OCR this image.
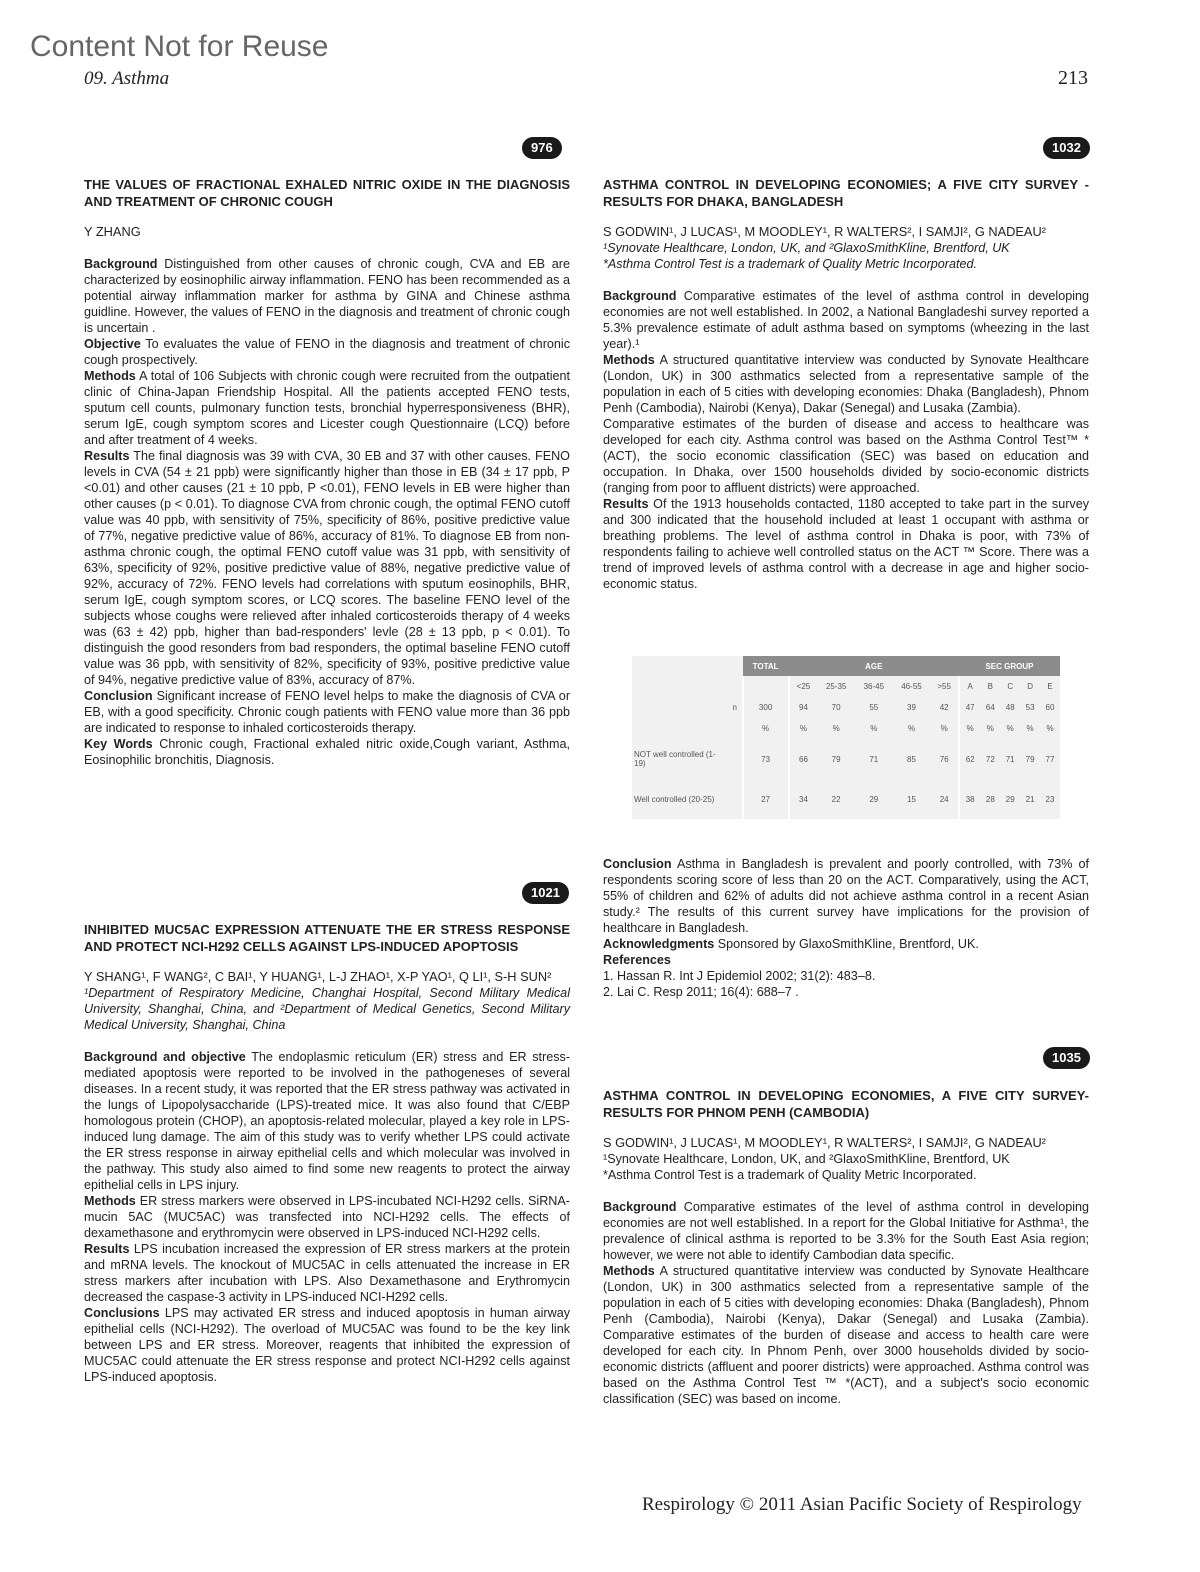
Content Not for Reuse
09. Asthma	213
976
THE VALUES OF FRACTIONAL EXHALED NITRIC OXIDE IN THE DIAGNOSIS AND TREATMENT OF CHRONIC COUGH
Y ZHANG

Background Distinguished from other causes of chronic cough, CVA and EB are characterized by eosinophilic airway inflammation. FENO has been recommended as a potential airway inflammation marker for asthma by GINA and Chinese asthma guidline. However, the values of FENO in the diagnosis and treatment of chronic cough is uncertain .

Objective To evaluates the value of FENO in the diagnosis and treatment of chronic cough prospectively.

Methods A total of 106 Subjects with chronic cough were recruited from the outpatient clinic of China-Japan Friendship Hospital. All the patients accepted FENO tests, sputum cell counts, pulmonary function tests, bronchial hyperresponsiveness (BHR), serum IgE, cough symptom scores and Licester cough Questionnaire (LCQ) before and after treatment of 4 weeks.

Results The final diagnosis was 39 with CVA, 30 EB and 37 with other causes. FENO levels in CVA (54 ± 21 ppb) were significantly higher than those in EB (34 ± 17 ppb, P <0.01) and other causes (21 ± 10 ppb, P <0.01), FENO levels in EB were higher than other causes (p < 0.01). To diagnose CVA from chronic cough, the optimal FENO cutoff value was 40 ppb, with sensitivity of 75%, specificity of 86%, positive predictive value of 77%, negative predictive value of 86%, accuracy of 81%. To diagnose EB from non-asthma chronic cough, the optimal FENO cutoff value was 31 ppb, with sensitivity of 63%, specificity of 92%, positive predictive value of 88%, negative predictive value of 92%, accuracy of 72%. FENO levels had correlations with sputum eosinophils, BHR, serum IgE, cough symptom scores, or LCQ scores. The baseline FENO level of the subjects whose coughs were relieved after inhaled corticosteroids therapy of 4 weeks was (63 ± 42) ppb, higher than bad-responders' levle (28 ± 13 ppb, p < 0.01). To distinguish the good resonders from bad responders, the optimal baseline FENO cutoff value was 36 ppb, with sensitivity of 82%, specificity of 93%, positive predictive value of 94%, negative predictive value of 83%, accuracy of 87%.

Conclusion Significant increase of FENO level helps to make the diagnosis of CVA or EB, with a good specificity. Chronic cough patients with FENO value more than 36 ppb are indicated to response to inhaled corticosteroids therapy.

Key Words Chronic cough, Fractional exhaled nitric oxide,Cough variant, Asthma, Eosinophilic bronchitis, Diagnosis.

1021
INHIBITED MUC5AC EXPRESSION ATTENUATE THE ER STRESS RESPONSE AND PROTECT NCI-H292 CELLS AGAINST LPS-INDUCED APOPTOSIS
Y SHANG¹, F WANG², C BAI¹, Y HUANG¹, L-J ZHAO¹, X-P YAO¹, Q LI¹, S-H SUN²
¹Department of Respiratory Medicine, Changhai Hospital, Second Military Medical University, Shanghai, China, and ²Department of Medical Genetics, Second Military Medical University, Shanghai, China

Background and objective The endoplasmic reticulum (ER) stress and ER stress-mediated apoptosis were reported to be involved in the pathogeneses of several diseases. In a recent study, it was reported that the ER stress pathway was activated in the lungs of Lipopolysaccharide (LPS)-treated mice. It was also found that C/EBP homologous protein (CHOP), an apoptosis-related molecular, played a key role in LPS-induced lung damage. The aim of this study was to verify whether LPS could activate the ER stress response in airway epithelial cells and which molecular was involved in the pathway. This study also aimed to find some new reagents to protect the airway epithelial cells in LPS injury.

Methods ER stress markers were observed in LPS-incubated NCI-H292 cells. SiRNA-mucin 5AC (MUC5AC) was transfected into NCI-H292 cells. The effects of dexamethasone and erythromycin were observed in LPS-induced NCI-H292 cells.

Results LPS incubation increased the expression of ER stress markers at the protein and mRNA levels. The knockout of MUC5AC in cells attenuated the increase in ER stress markers after incubation with LPS. Also Dexamethasone and Erythromycin decreased the caspase-3 activity in LPS-induced NCI-H292 cells.

Conclusions LPS may activated ER stress and induced apoptosis in human airway epithelial cells (NCI-H292). The overload of MUC5AC was found to be the key link between LPS and ER stress. Moreover, reagents that inhibited the expression of MUC5AC could attenuate the ER stress response and protect NCI-H292 cells against LPS-induced apoptosis.

1032
ASTHMA CONTROL IN DEVELOPING ECONOMIES; A FIVE CITY SURVEY -RESULTS FOR DHAKA, BANGLADESH
S GODWIN¹, J LUCAS¹, M MOODLEY¹, R WALTERS², I SAMJI², G NADEAU²
¹Synovate Healthcare, London, UK, and ²GlaxoSmithKline, Brentford, UK
*Asthma Control Test is a trademark of Quality Metric Incorporated.

Background Comparative estimates of the level of asthma control in developing economies are not well established. In 2002, a National Bangladeshi survey reported a 5.3% prevalence estimate of adult asthma based on symptoms (wheezing in the last year).¹

Methods A structured quantitative interview was conducted by Synovate Healthcare (London, UK) in 300 asthmatics selected from a representative sample of the population in each of 5 cities with developing economies: Dhaka (Bangladesh), Phnom Penh (Cambodia), Nairobi (Kenya), Dakar (Senegal) and Lusaka (Zambia).

Comparative estimates of the burden of disease and access to healthcare was developed for each city. Asthma control was based on the Asthma Control Test™ *(ACT), the socio economic classification (SEC) was based on education and occupation. In Dhaka, over 1500 households divided by socio-economic districts (ranging from poor to affluent districts) were approached.

Results Of the 1913 households contacted, 1180 accepted to take part in the survey and 300 indicated that the household included at least 1 occupant with asthma or breathing problems. The level of asthma control in Dhaka is poor, with 73% of respondents failing to achieve well controlled status on the ACT ™ Score. There was a trend of improved levels of asthma control with a decrease in age and higher socio-economic status.

		TOTAL	AGE					SEC GROUP				
			<25	25-35	36-45	46-55	>55	A	B	C	D	E
	n	300	94	70	55	39	42	47	64	48	53	60
		%	%	%	%	%	%	%	%	%	%	%
NOT well controlled (1-19)		73	66	79	71	85	76	62	72	71	79	77
Well controlled (20-25)		27	34	22	29	15	24	38	28	29	21	23

Conclusion Asthma in Bangladesh is prevalent and poorly controlled, with 73% of respondents scoring score of less than 20 on the ACT. Comparatively, using the ACT, 55% of children and 62% of adults did not achieve asthma control in a recent Asian study.² The results of this current survey have implications for the provision of healthcare in Bangladesh.

Acknowledgments Sponsored by GlaxoSmithKline, Brentford, UK.

References
1. Hassan R. Int J Epidemiol 2002; 31(2): 483–8.
2. Lai C. Resp 2011; 16(4): 688–7 .
1035
ASTHMA CONTROL IN DEVELOPING ECONOMIES, A FIVE CITY SURVEY- RESULTS FOR PHNOM PENH (CAMBODIA)
S GODWIN¹, J LUCAS¹, M MOODLEY¹, R WALTERS², I SAMJI², G NADEAU²
¹Synovate Healthcare, London, UK, and ²GlaxoSmithKline, Brentford, UK
*Asthma Control Test is a trademark of Quality Metric Incorporated.

Background Comparative estimates of the level of asthma control in developing economies are not well established. In a report for the Global Initiative for Asthma¹, the prevalence of clinical asthma is reported to be 3.3% for the South East Asia region; however, we were not able to identify Cambodian data specific.

Methods A structured quantitative interview was conducted by Synovate Healthcare (London, UK) in 300 asthmatics selected from a representative sample of the population in each of 5 cities with developing economies: Dhaka (Bangladesh), Phnom Penh (Cambodia), Nairobi (Kenya), Dakar (Senegal) and Lusaka (Zambia). Comparative estimates of the burden of disease and access to health care were developed for each city. In Phnom Penh, over 3000 households divided by socio-economic districts (affluent and poorer districts) were approached. Asthma control was based on the Asthma Control Test ™ *(ACT), and a subject's socio economic classification (SEC) was based on income.

Respirology © 2011 Asian Pacific Society of Respirology
